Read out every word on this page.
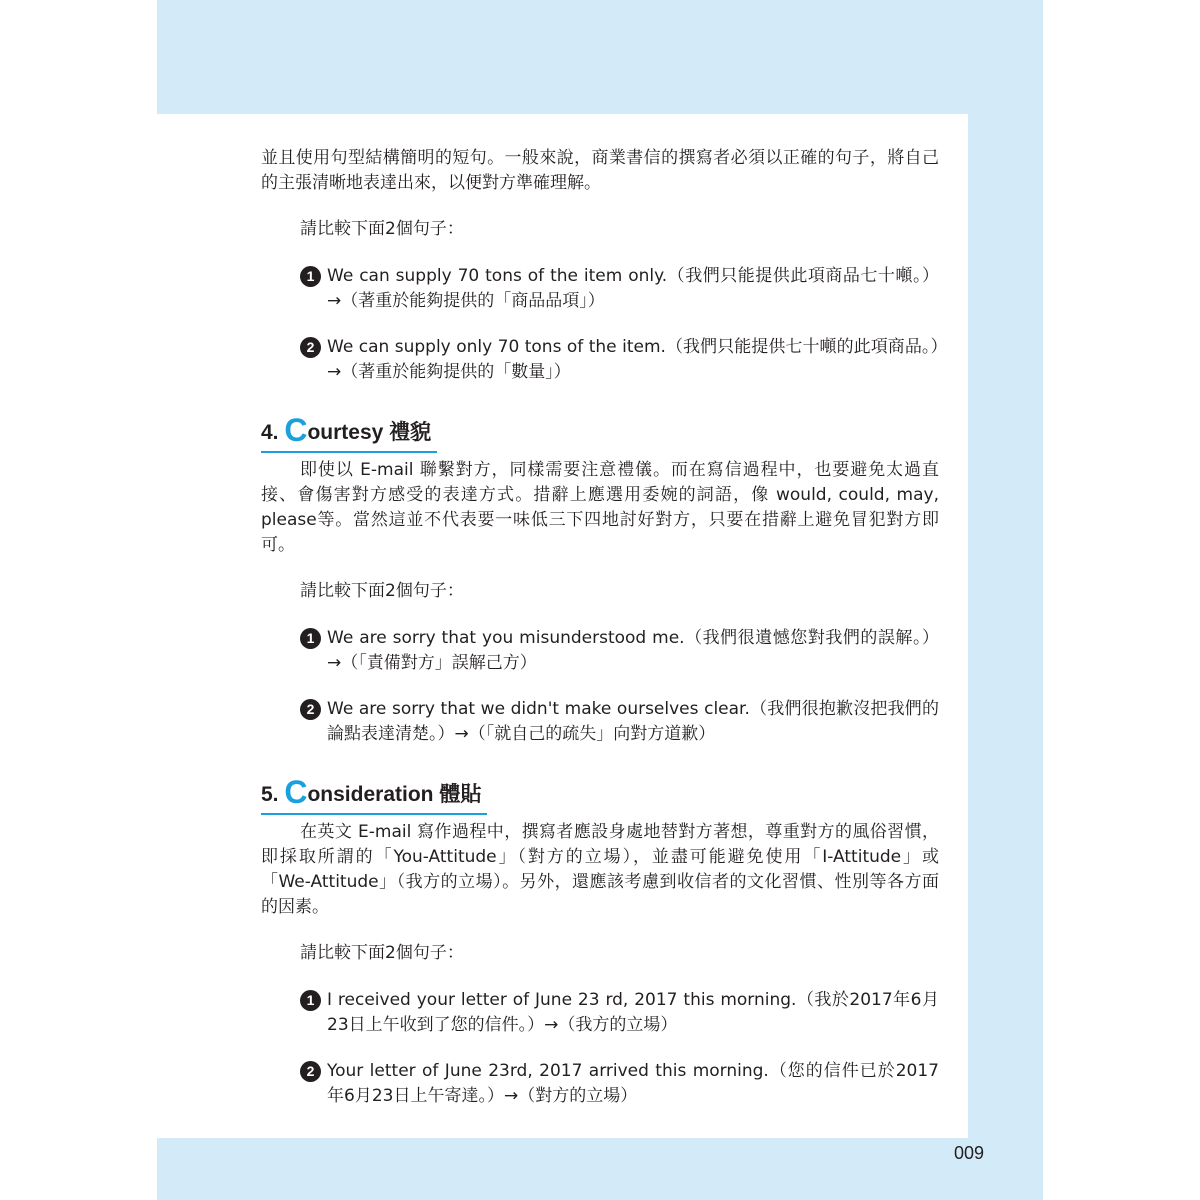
並且使用句型結構簡明的短句。一般來說，商業書信的撰寫者必須以正確的句子，將自己的主張清晰地表達出來，以便對方準確理解。

請比較下面2個句子：

1 We can supply 70 tons of the item only.（我們只能提供此項商品七十噸。）→（著重於能夠提供的「商品品項」）

2 We can supply only 70 tons of the item.（我們只能提供七十噸的此項商品。）→（著重於能夠提供的「數量」）

4. Courtesy 禮貌

即使以 E-mail 聯繫對方，同樣需要注意禮儀。而在寫信過程中，也要避免太過直接、會傷害對方感受的表達方式。措辭上應選用委婉的詞語，像 would, could, may, please等。當然這並不代表要一味低三下四地討好對方，只要在措辭上避免冒犯對方即可。

請比較下面2個句子：

1 We are sorry that you misunderstood me.（我們很遺憾您對我們的誤解。）→（「責備對方」誤解己方）

2 We are sorry that we didn't make ourselves clear.（我們很抱歉沒把我們的論點表達清楚。）→（「就自己的疏失」向對方道歉）

5. Consideration 體貼

在英文 E-mail 寫作過程中，撰寫者應設身處地替對方著想，尊重對方的風俗習慣，即採取所謂的「You-Attitude」（對方的立場），並盡可能避免使用「I-Attitude」或 「We-Attitude」（我方的立場）。另外，還應該考慮到收信者的文化習慣、性別等各方面的因素。

請比較下面2個句子：

1 I received your letter of June 23 rd, 2017 this morning.（我於2017年6月23日上午收到了您的信件。）→（我方的立場）

2 Your letter of June 23rd, 2017 arrived this morning.（您的信件已於2017年6月23日上午寄達。）→（對方的立場）

009
